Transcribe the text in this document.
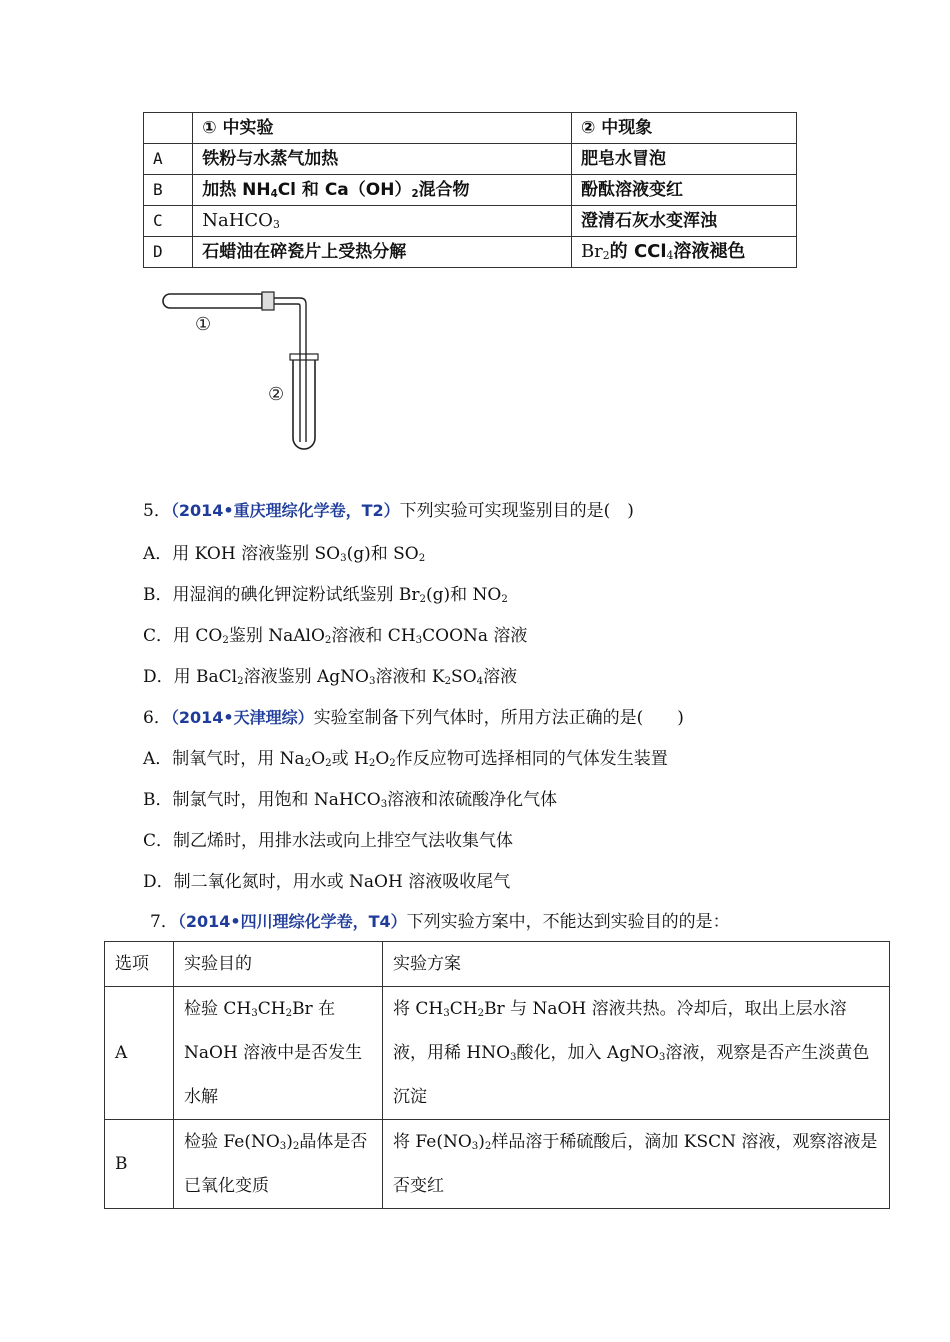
	① 中实验	② 中现象
A	铁粉与水蒸气加热	肥皂水冒泡
B	加热 $NH_4Cl$ 和 $Ca(OH)_2$混合物	酚酞溶液变红
C	NaHCO$_3$	澄清石灰水变浑浊
D	石蜡油在碎瓷片上受热分解	$Br_2$的 CCl$_4$溶液褪色
①
②
5．（2014•重庆理综化学卷，T2）下列实验可实现鉴别目的是(　)
A．用 KOH 溶液鉴别 $SO_3(g)$和 $SO_2$
B．用湿润的碘化钾淀粉试纸鉴别 $Br_2(g)$和 $NO_2$
C．用 $CO_2$鉴别 NaAlO$_2$溶液和 $CH_3COONa$ 溶液
D．用 BaCl$_2$溶液鉴别 AgNO$_3$溶液和 $K_2SO_4$溶液
6．（2014•天津理综）实验室制备下列气体时，所用方法正确的是(　　)
A．制氧气时，用 $Na_2O_2$或 $H_2O_2$作反应物可选择相同的气体发生装置
B．制氯气时，用饱和 NaHCO$_3$溶液和浓硫酸净化气体
C．制乙烯时，用排水法或向上排空气法收集气体
D．制二氧化氮时，用水或 NaOH 溶液吸收尾气
7．（2014•四川理综化学卷，T4）下列实验方案中，不能达到实验目的的是：
选项	实验目的	实验方案
A	检验 $CH_3CH_2Br$ 在 NaOH 溶液中是否发生水解	将 $CH_3CH_2Br$ 与 NaOH 溶液共热。冷却后，取出上层水溶液，用稀 $HNO_3$酸化，加入 AgNO$_3$溶液，观察是否产生淡黄色沉淀
B	检验 $Fe(NO_3)_2$晶体是否已氧化变质	将 $Fe(NO_3)_2$样品溶于稀硫酸后，滴加 KSCN 溶液，观察溶液是否变红
